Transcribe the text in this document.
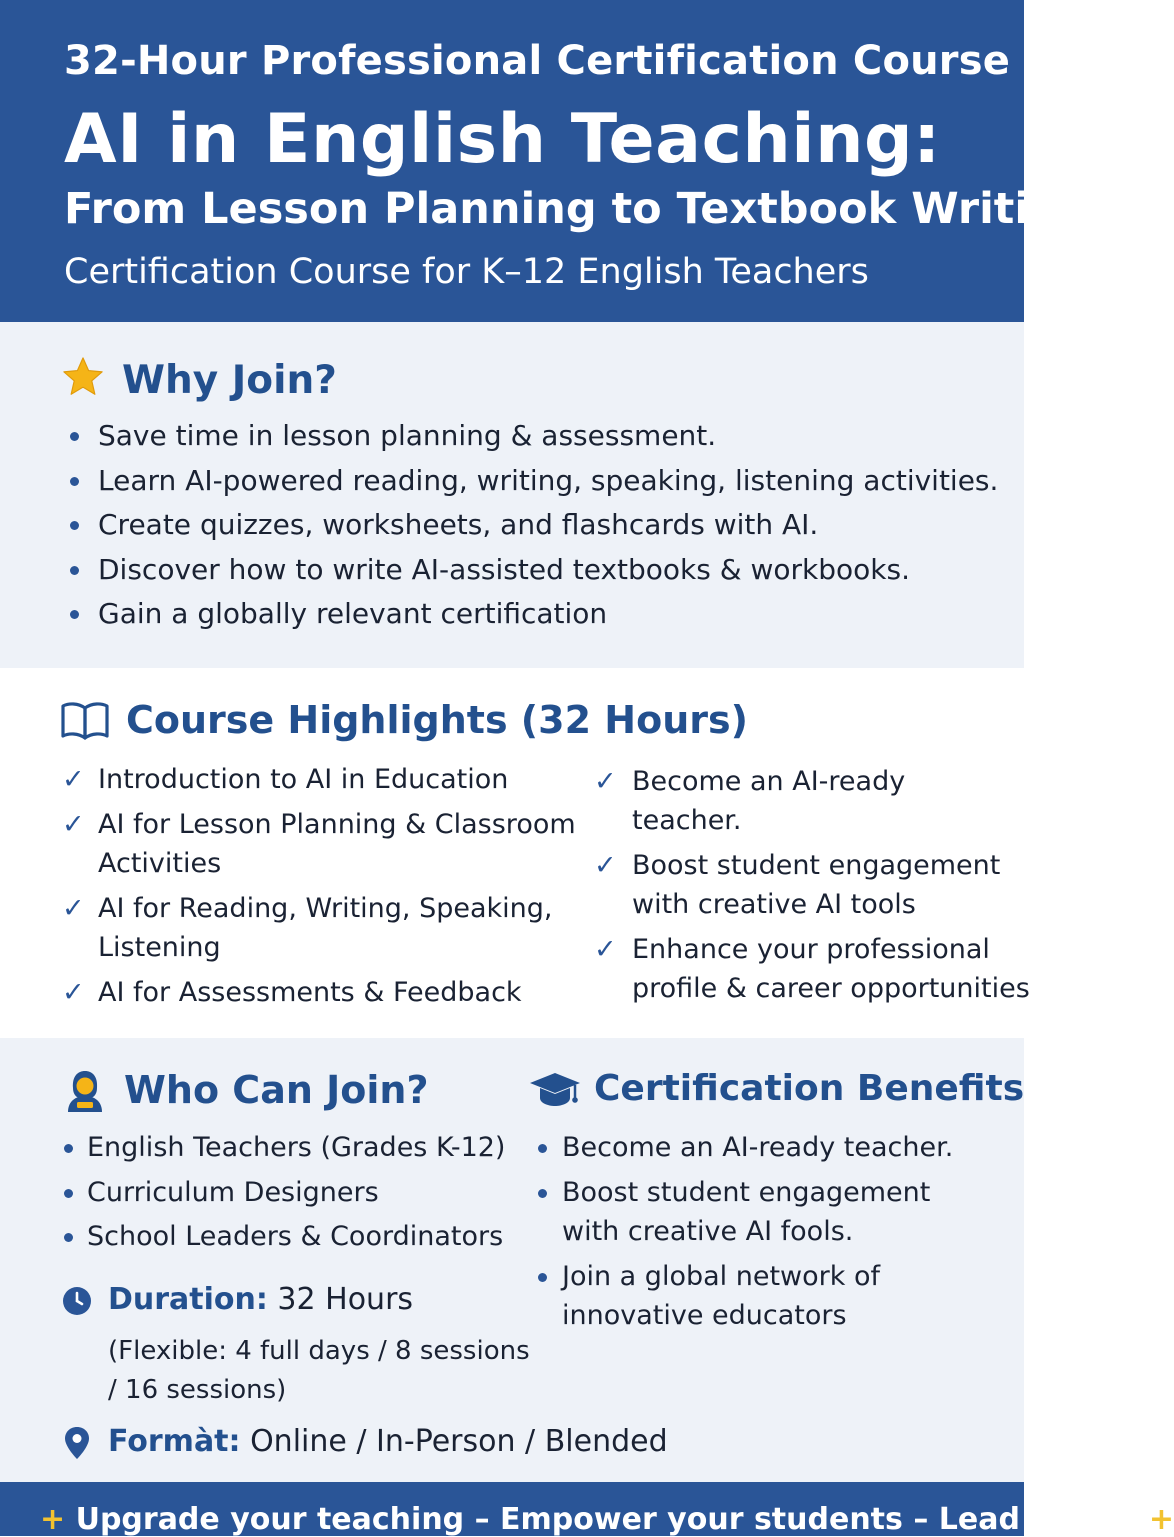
32-Hour Professional Certification Course
AI in English Teaching:
From Lesson Planning to Textbook Writing
Certification Course for K–12 English Teachers
Why Join?
Save time in lesson planning & assessment.
Learn AI-powered reading, writing, speaking, listening activities.
Create quizzes, worksheets, and flashcards with AI.
Discover how to write AI-assisted textbooks & workbooks.
Gain a globally relevant certification
Course Highlights (32 Hours)
✓ Introduction to AI in Education
✓ AI for Lesson Planning & Classroom
Activities
✓ AI for Reading, Writing, Speaking,
Listening
✓ AI for Assessments & Feedback
✓ Become an AI-ready
teacher.
✓ Boost student engagement
with creative AI tools
✓ Enhance your professional
profile & career opportunities
Who Can Join?
English Teachers (Grades K-12)
Curriculum Designers
School Leaders & Coordinators
Duration: 32 Hours
(Flexible: 4 full days / 8 sessions
/ 16 sessions)
Formàt: Online / In-Person / Blended
Certification Benefits
Become an AI-ready teacher.
Boost student engagement
with creative AI fools.
Join a global network of
innovative educators
+ Upgrade your teaching – Empower your students – Lead with AI+
